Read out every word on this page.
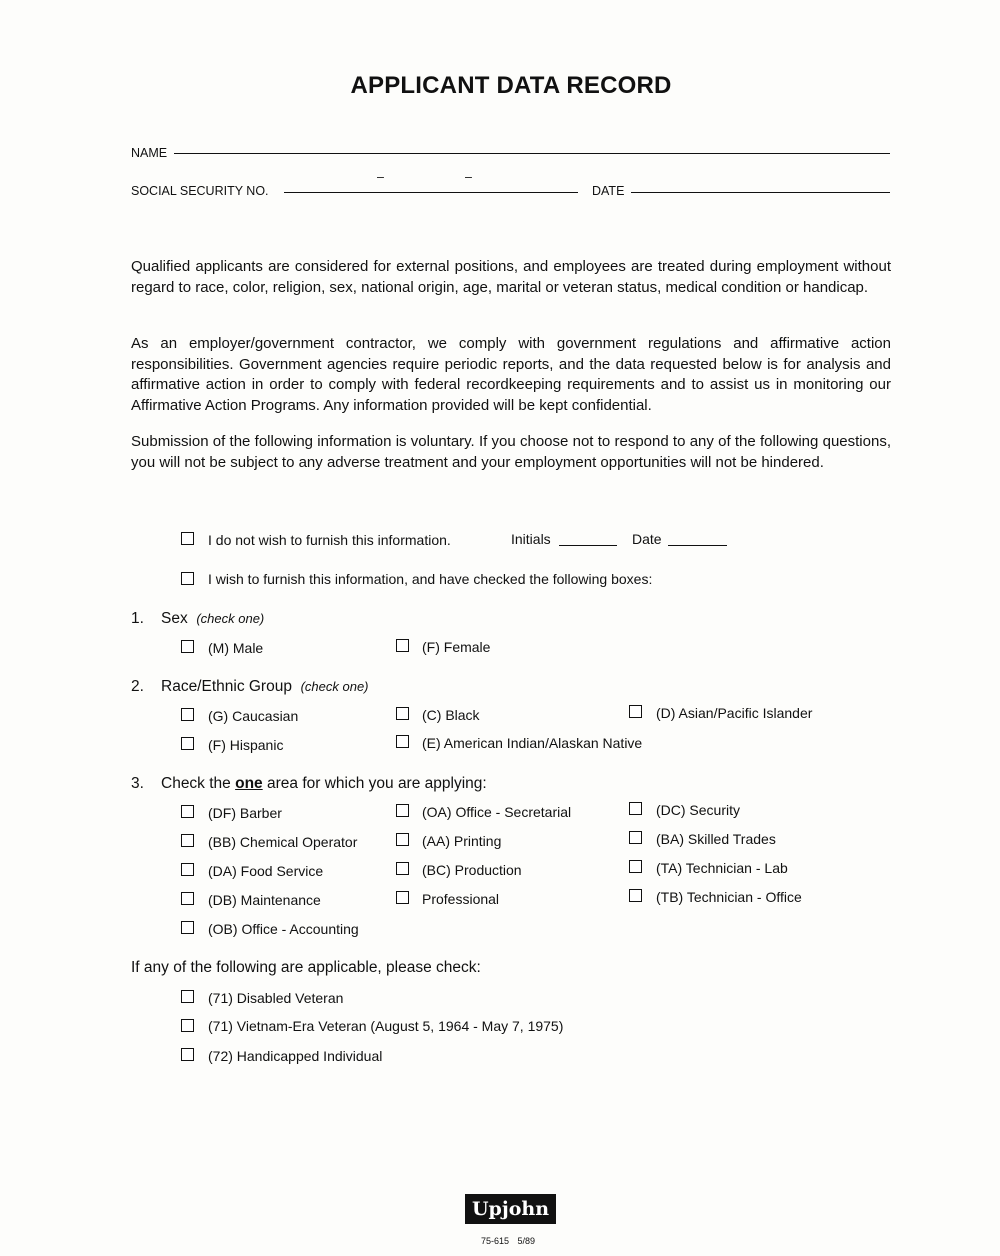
APPLICANT DATA RECORD
NAME
SOCIAL SECURITY NO.
–	–
DATE
Qualified applicants are considered for external positions, and employees are treated during employment without regard to race, color, religion, sex, national origin, age, marital or veteran status, medical condition or handicap.
As an employer/government contractor, we comply with government regulations and affirmative action responsibilities. Government agencies require periodic reports, and the data requested below is for analysis and affirmative action in order to comply with federal recordkeeping requirements and to assist us in monitoring our Affirmative Action Programs. Any information provided will be kept confidential.
Submission of the following information is voluntary. If you choose not to respond to any of the following questions, you will not be subject to any adverse treatment and your employment opportunities will not be hindered.
I do not wish to furnish this information.	Initials	Date
I wish to furnish this information, and have checked the following boxes:
1. Sex (check one)
(M) Male	(F) Female
2. Race/Ethnic Group (check one)
(G) Caucasian	(C) Black	(D) Asian/Pacific Islander
(F) Hispanic	(E) American Indian/Alaskan Native
3. Check the one area for which you are applying:
(DF) Barber	(OA) Office - Secretarial	(DC) Security
(BB) Chemical Operator	(AA) Printing	(BA) Skilled Trades
(DA) Food Service	(BC) Production	(TA) Technician - Lab
(DB) Maintenance	Professional	(TB) Technician - Office
(OB) Office - Accounting
If any of the following are applicable, please check:
(71) Disabled Veteran
(71) Vietnam-Era Veteran (August 5, 1964 - May 7, 1975)
(72) Handicapped Individual
Upjohn
75-615 5/89
